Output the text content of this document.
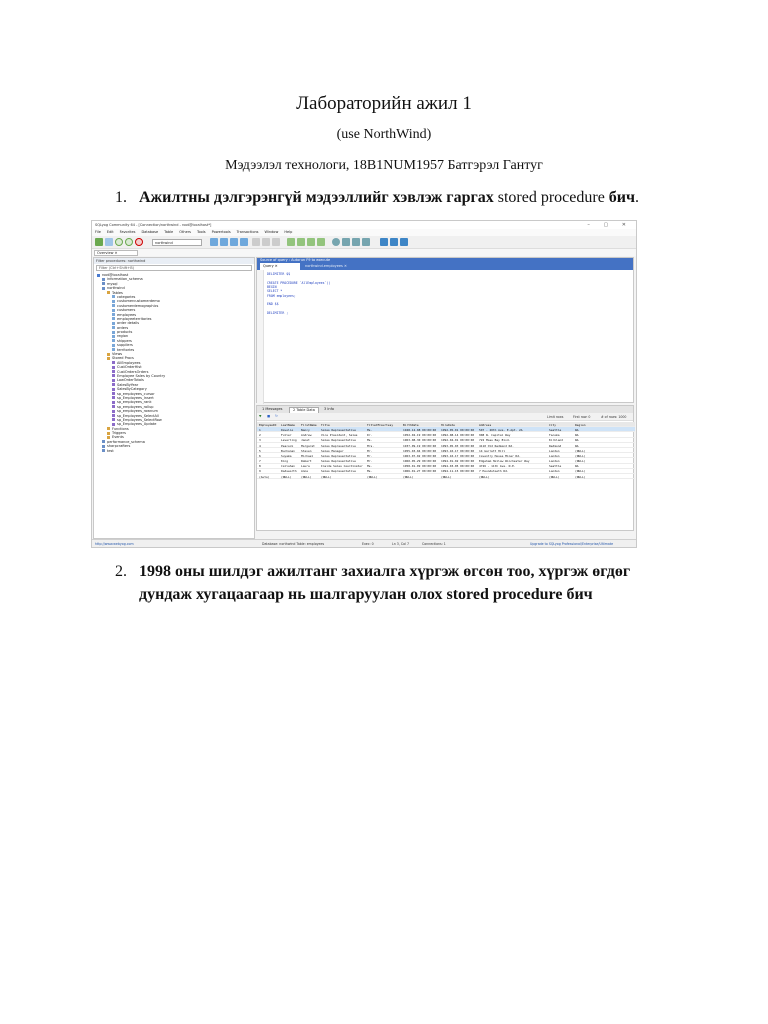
Лабораторийн ажил 1
(use NorthWind)
Мэдээлэл технологи, 18B1NUM1957 Батгэрэл Гантуг
1. Ажилтны дэлгэрэнгүй мэдээллийг хэвлэж гаргах stored procedure бич.
SQLyog Community 64 - [Connection/northwind - root@localhost*]	– ▢ ✕
File Edit Favorites Database Table Others Tools Powertools Transactions Window Help
northwind
Overview ✕
Filter procedures: northwind
Filter (Ctrl+Shift+B)
root@localhost
information_schema
mysql
northwind
Tables
categories
customercustomerdemo
customerdemographics
customers
employees
employeeterritories
order details
orders
products
region
shippers
suppliers
territories
Views
Stored Procs
AllEmployees
CustOrderHist
CustOrdersOrders
Employee Sales by Country
LowOrderTotals
SalesByYear
SalesByCategory
sp_employees_cursor
sp_Employees_Insert
sp_employees_rank
sp_employees_rollup
sp_employees_rownum
sp_Employees_SelectAll
sp_Employees_SelectRow
sp_Employees_Update
Functions
Triggers
Events
performance_schema
sharpcrafters
test
Source of query : Autorun F9 to execute
Query ✕	northwind.employees ✕
DELIMITER $$
CREATE PROCEDURE `AllEmployees`()
BEGIN
SELECT *
FROM employees;
END $$
DELIMITER ;
1 Messages	2 Table Data	3 Info
▼ ■ ↻	Limit rows	First row: 0	# of rows: 1000
EmployeeID	LastName	FirstName	Title	TitleOfCourtesy	BirthDate	HireDate	Address	City	Region
1	Davolio	Nancy	Sales Representative	Ms.	1948-12-08 00:00:00	1992-05-01 00:00:00	507 - 20th Ave. E.Apt. 2A	Seattle	WA
2	Fuller	Andrew	Vice President, Sales	Dr.	1952-02-19 00:00:00	1992-08-14 00:00:00	908 W. Capital Way	Tacoma	WA
3	Leverling	Janet	Sales Representative	Ms.	1963-08-30 00:00:00	1992-04-01 00:00:00	722 Moss Bay Blvd.	Kirkland	WA
4	Peacock	Margaret	Sales Representative	Mrs.	1937-09-19 00:00:00	1993-05-03 00:00:00	4110 Old Redmond Rd.	Redmond	WA
5	Buchanan	Steven	Sales Manager	Mr.	1955-03-04 00:00:00	1993-10-17 00:00:00	14 Garrett Hill	London	(NULL)
6	Suyama	Michael	Sales Representative	Mr.	1963-07-02 00:00:00	1993-10-17 00:00:00	Coventry House Miner Rd.	London	(NULL)
7	King	Robert	Sales Representative	Mr.	1960-05-29 00:00:00	1994-01-02 00:00:00	Edgeham Hollow Winchester Way	London	(NULL)
8	Callahan	Laura	Inside Sales Coordinator	Ms.	1958-01-09 00:00:00	1994-03-05 00:00:00	4726 - 11th Ave. N.E.	Seattle	WA
9	Dodsworth	Anne	Sales Representative	Ms.	1966-01-27 00:00:00	1994-11-15 00:00:00	7 Houndstooth Rd.	London	(NULL)
(Auto)	(NULL)	(NULL)	(NULL)	(NULL)	(NULL)	(NULL)	(NULL)	(NULL)	(NULL)
http://www.webyog.com	Database: northwind Table: employees	Exec: 0	Ln 3, Col 7	Connections: 1	Upgrade to SQLyog Professional/Enterprise/Ultimate
2. 1998 оны шилдэг ажилтанг захиалга хүргэж өгсөн тоо, хүргэж өгдөг дундаж хугацаагаар нь шалгаруулан олох stored procedure бич
